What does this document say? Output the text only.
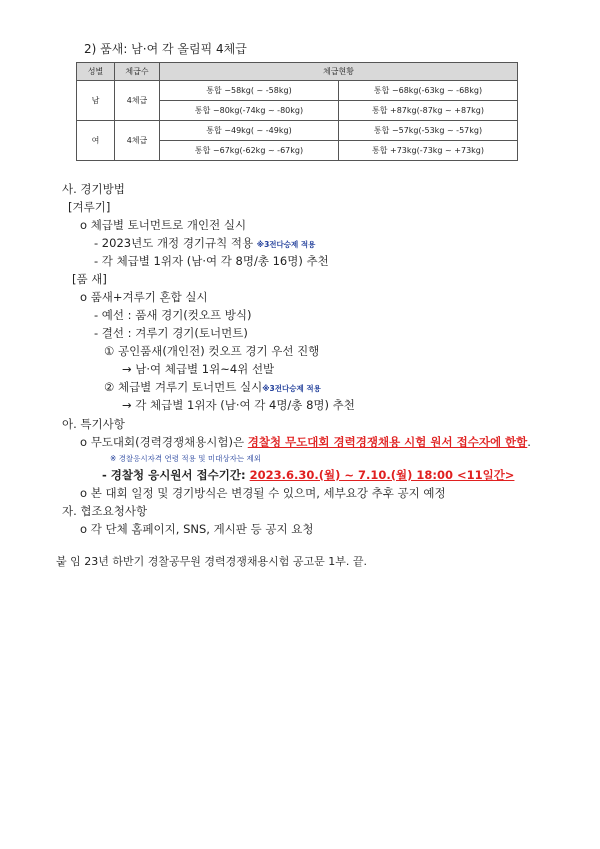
2) 품새: 남·여 각 올림픽 4체급
성별	체급수	체급현황	
남	4체급	통합 −58kg( ~ -58kg)	통합 −68kg(-63kg ~ -68kg)
		통합 −80kg(-74kg ~ -80kg)	통합 +87kg(-87kg ~ +87kg)
여	4체급	통합 −49kg( ~ -49kg)	통합 −57kg(-53kg ~ -57kg)
		통합 −67kg(-62kg ~ -67kg)	통합 +73kg(-73kg ~ +73kg)
사. 경기방법
[겨루기]
o 체급별 토너먼트로 개인전 실시
- 2023년도 개정 경기규칙 적용 ※3전다승제 적용
- 각 체급별 1위자 (남·여 각 8명/총 16명) 추천
[품 새]
o 품새+겨루기 혼합 실시
- 예선 : 품새 경기(컷오프 방식)
- 결선 : 겨루기 경기(토너먼트)
① 공인품새(개인전) 컷오프 경기 우선 진행
→ 남·여 체급별 1위~4위 선발
② 체급별 겨루기 토너먼트 실시※3전다승제 적용
→ 각 체급별 1위자 (남·여 각 4명/총 8명) 추천
아. 특기사항
o 무도대회(경력경쟁채용시험)은 경찰청 무도대회 경력경쟁채용 시험 원서 접수자에 한함.
※ 경찰응시자격 연령 적용 및 미대상자는 제외
- 경찰청 응시원서 접수기간: 2023.6.30.(월) ~ 7.10.(월) 18:00 <11일간>
o 본 대회 일정 및 경기방식은 변경될 수 있으며, 세부요강 추후 공지 예정
자. 협조요청사항
o 각 단체 홈페이지, SNS, 게시판 등 공지 요청
붙 임 23년 하반기 경찰공무원 경력경쟁채용시험 공고문 1부. 끝.
